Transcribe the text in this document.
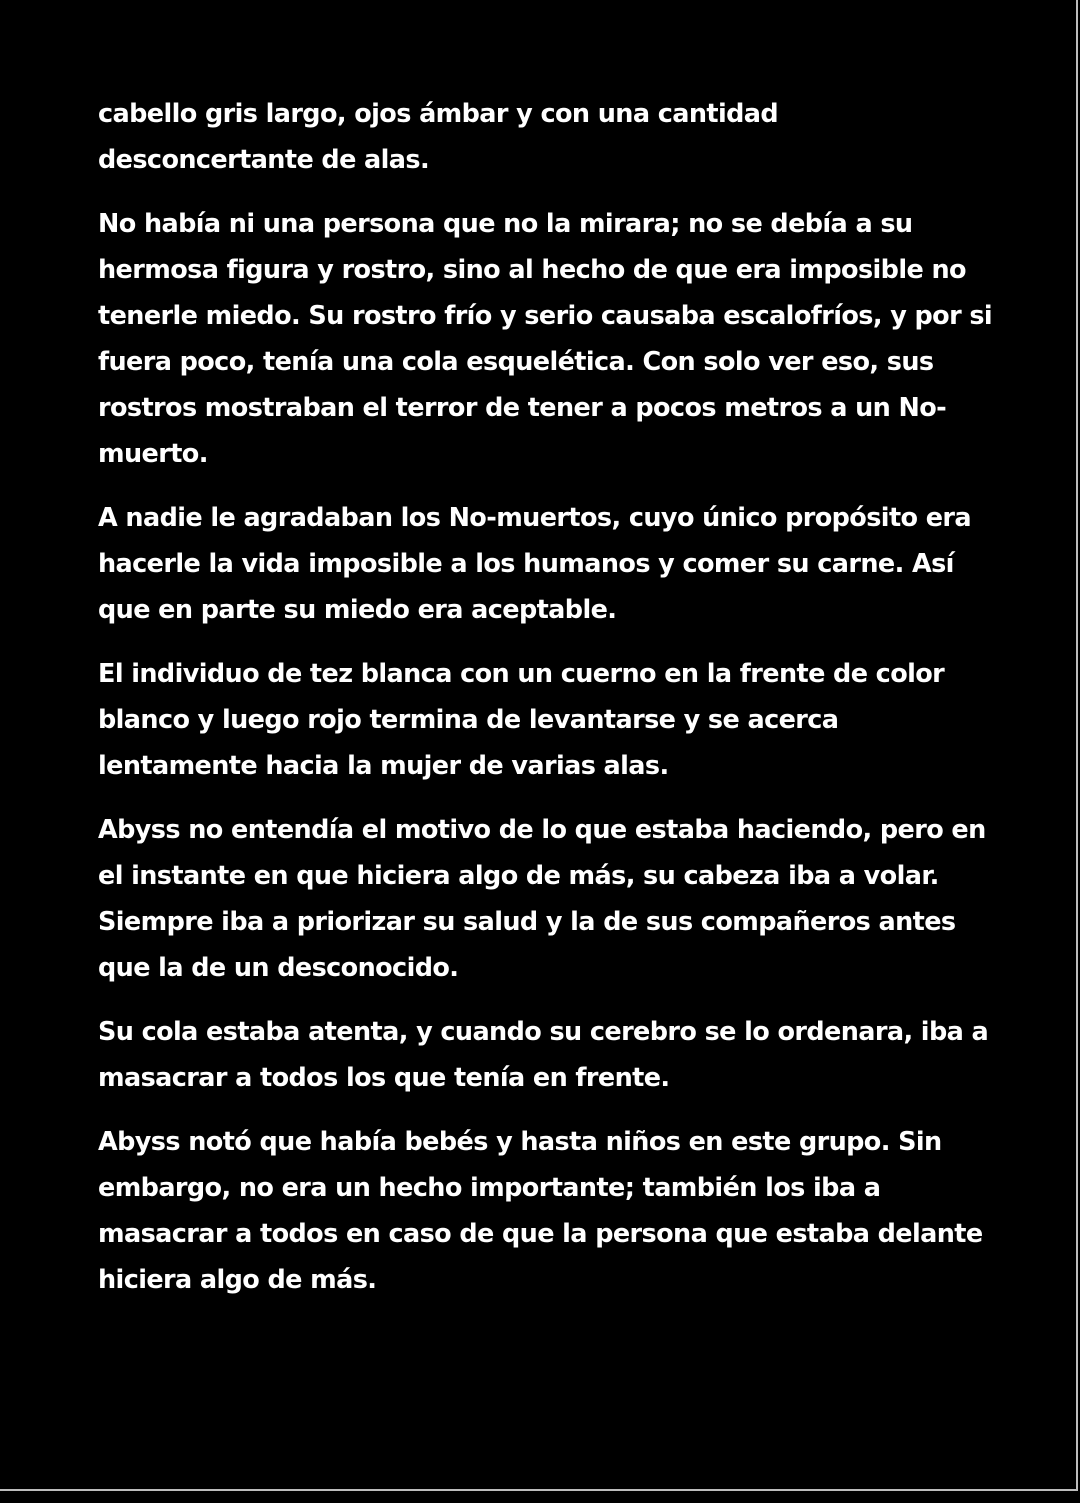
cabello gris largo, ojos ámbar y con una cantidad desconcertante de alas.

No había ni una persona que no la mirara; no se debía a su hermosa figura y rostro, sino al hecho de que era imposible no tenerle miedo. Su rostro frío y serio causaba escalofríos, y por si fuera poco, tenía una cola esquelética. Con solo ver eso, sus rostros mostraban el terror de tener a pocos metros a un No-muerto.

A nadie le agradaban los No-muertos, cuyo único propósito era hacerle la vida imposible a los humanos y comer su carne. Así que en parte su miedo era aceptable.

El individuo de tez blanca con un cuerno en la frente de color blanco y luego rojo termina de levantarse y se acerca lentamente hacia la mujer de varias alas.

Abyss no entendía el motivo de lo que estaba haciendo, pero en el instante en que hiciera algo de más, su cabeza iba a volar. Siempre iba a priorizar su salud y la de sus compañeros antes que la de un desconocido.

Su cola estaba atenta, y cuando su cerebro se lo ordenara, iba a masacrar a todos los que tenía en frente.

Abyss notó que había bebés y hasta niños en este grupo. Sin embargo, no era un hecho importante; también los iba a masacrar a todos en caso de que la persona que estaba delante hiciera algo de más.
